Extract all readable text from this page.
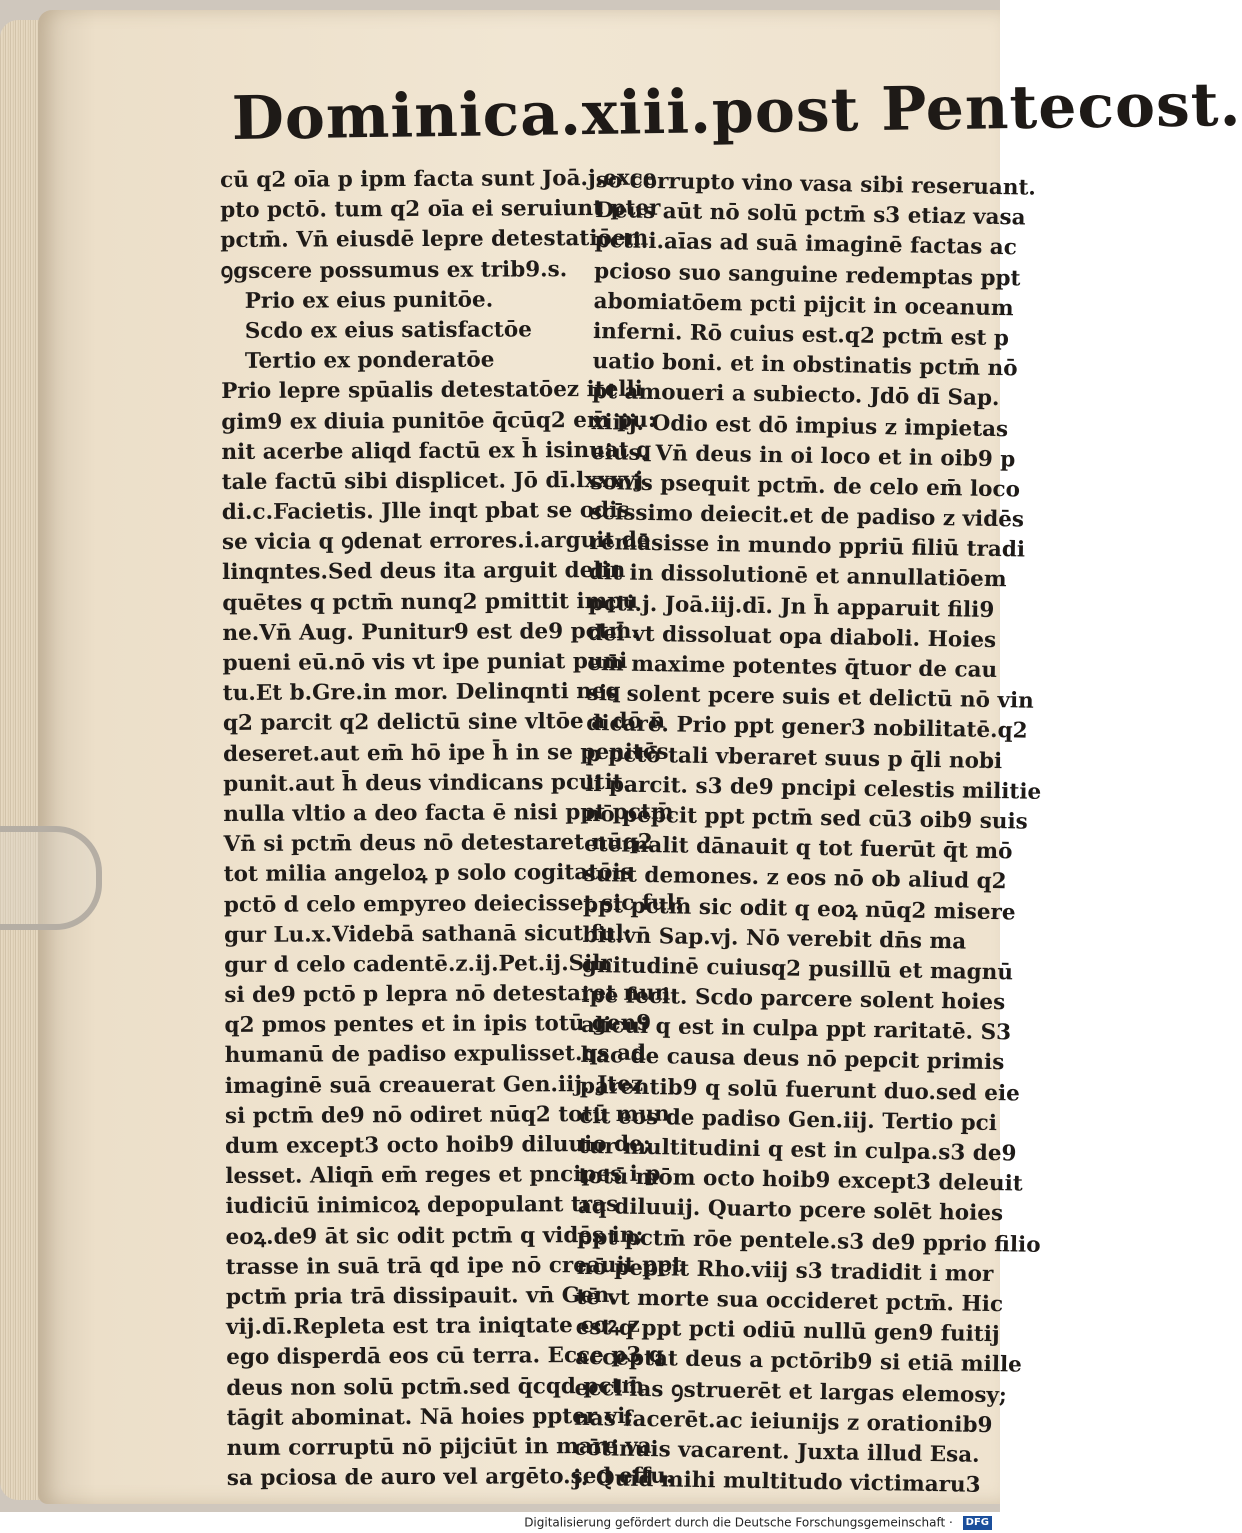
Dominica.xiii.post Pentecost.
cū q2 oīa p ipm facta sunt Joā.j.exce
pto pctō. tum q2 oīa ei seruiunt pter
pctm̄. Vn̄ eiusdē lepre detestatiōem
ꝯgscere possumus ex trib9.s.
Prio ex eius punitōe.
Scdo ex eius satisfactōe
Tertio ex ponderatōe
Prio lepre spūalis detestatōez itelli
gim9 ex diuia punitōe q̄cūq2 em̄ pu:
nit acerbe aliqd factū ex h̄ isinuat q
tale factū sibi displicet. Jō dī.lxxxvj.
di.c.Facietis. Jlle inqt pbat se odis
se vicia q ꝯdenat errores.i.arguit de
linqntes.Sed deus ita arguit delin
quētes q pctm̄ nunq2 pmittit impu
ne.Vn̄ Aug. Punitur9 est de9 pctm̄.
pueni eū.nō vis vt ipe puniat puni
tu.Et b.Gre.in mor. Delinqnti neq
q2 parcit q2 delictū sine vltōe a dō n̄
deseret.aut em̄ hō ipe h̄ in se penitēs
punit.aut h̄ deus vindicans pcutit.
nulla vltio a deo facta ē nisi ppt pctm̄
Vn̄ si pctm̄ deus nō detestaret nūq2
tot milia angeloꝝ p solo cogitatōis
pctō d celo empyreo deiecisset sic ful:
gur Lu.x.Videbā sathanā sicut ful:
gur d celo cadentē.z.ij.Pet.ij.Silr
si de9 pctō p lepra nō detestaret nun
q2 pmos pentes et in ipis totū gen9
humanū de padiso expulisset.qs ad
imaginē suā creauerat Gen.iij. Jtez
si pctm̄ de9 nō odiret nūq2 totū mun
dum except3 octo hoib9 diluuio de;
lesset. Aliqn̄ em̄ reges et pncipes i p
iudiciū inimicoꝝ depopulant tras
eoꝝ.de9 āt sic odit pctm̄ q vidēs in;
trasse in suā trā qd ipe nō creauit ppt
pctm̄ pria trā dissipauit. vn̄ Gen.
vij.dī.Repleta est tra iniqtate coꝝ z
ego disperdā eos cū terra. Ecce p3 q
deus non solū pctm̄.sed q̄cqd pctm̄
tāgit abominat. Nā hoies ppter vi;
num corruptū nō pijciūt in mare va
sa pciosa de auro vel argēto.sed effu.
so corrupto vino vasa sibi reseruant.
Deus aūt nō solū pctm̄ s3 etiaz vasa
pcti.i.aīas ad suā imaginē factas ac
pcioso suo sanguine redemptas ppt
abomiatōem pcti pijcit in oceanum
inferni. Rō cuius est.q2 pctm̄ est p
uatio boni. et in obstinatis pctm̄ nō
pt amoueri a subiecto. Jdō dī Sap.
xiiij. Odio est dō impius z impietas
eius. Vn̄ deus in oi loco et in oib9 p
sonis psequit pctm̄. de celo em̄ loco
scīssimo deiecit.et de padiso z vidēs
remāsisse in mundo ppriū filiū tradi
dit in dissolutionē et annullatiōem
pcti.j. Joā.iij.dī. Jn h̄ apparuit fili9
dei vt dissoluat opa diaboli. Hoies
em̄ maxime potentes q̄tuor de cau
sis solent pcere suis et delictū nō vin
dicare. Prio ppt gener3 nobilitatē.q2
p pctō tali vberaret suus p q̄li nobi
li parcit. s3 de9 pncipi celestis militie
nō pepcit ppt pctm̄ sed cū3 oib9 suis
eternalit dānauit q tot fuerūt q̄t mō
sunt demones. z eos nō ob aliud q2
ppt pctm̄ sic odit q eoꝝ nūq2 misere
bit.vn̄ Sap.vj. Nō verebit dn̄s ma
gnitudinē cuiusq2 pusillū et magnū
ipe fecit. Scdo parcere solent hoies
alicui q est in culpa ppt raritatē. S3
hac de causa deus nō pepcit primis
parentib9 q solū fuerunt duo.sed eie
cit eos de padiso Gen.iij. Tertio pci
tur multitudini q est in culpa.s3 de9
totū mōm octo hoib9 except3 deleuit
aq diluuij. Quarto pcere solēt hoies
ppt pctm̄ rōe pentele.s3 de9 pprio filio
nō pepcit Rho.viij s3 tradidit i mor
tē vt morte sua occideret pctm̄. Hic
est q ppt pcti odiū nullū gen9 fuitij
acceptat deus a pctōrib9 si etiā mille
eccl'ias ꝯstruerēt et largas elemosy;
nas facerēt.ac ieiunijs z orationib9
cōtinuis vacarent. Juxta illud Esa.
j. Quid mihi multitudo victimaru3
Digitalisierung gefördert durch die Deutsche Forschungsgemeinschaft · DFG
